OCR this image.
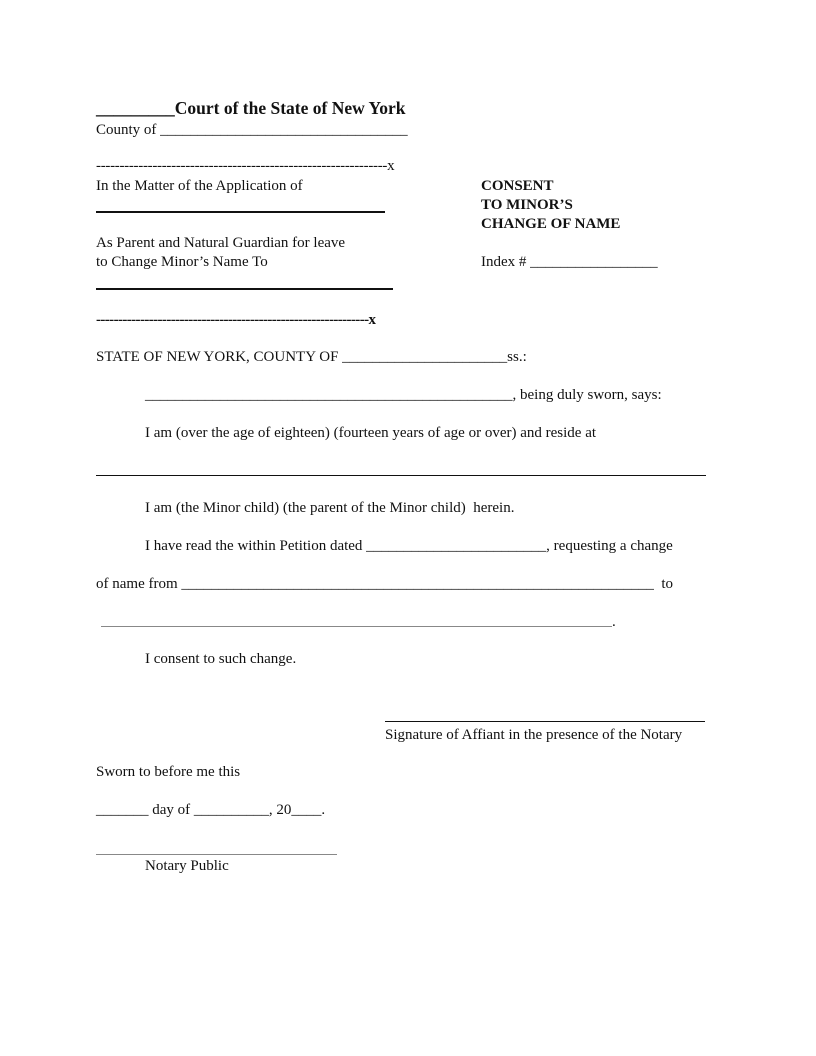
_________Court of the State of New York
County of _________________________________
--------------------------------------------------------------x
In the Matter of the Application of
As Parent and Natural Guardian for leave
to Change Minor’s Name To
--------------------------------------------------------------x
CONSENT
TO MINOR’S
CHANGE OF NAME
Index # _________________
STATE OF NEW YORK, COUNTY OF ______________________ss.:
_________________________________________________, being duly sworn, says:
I am (over the age of eighteen) (fourteen years of age or over) and reside at
I am (the Minor child) (the parent of the Minor child)  herein.
I have read the within Petition dated ________________________, requesting a change
of name from _______________________________________________________________  to
.
I consent to such change.
Signature of Affiant in the presence of the Notary
Sworn to before me this
_______ day of __________, 20____.
Notary Public
